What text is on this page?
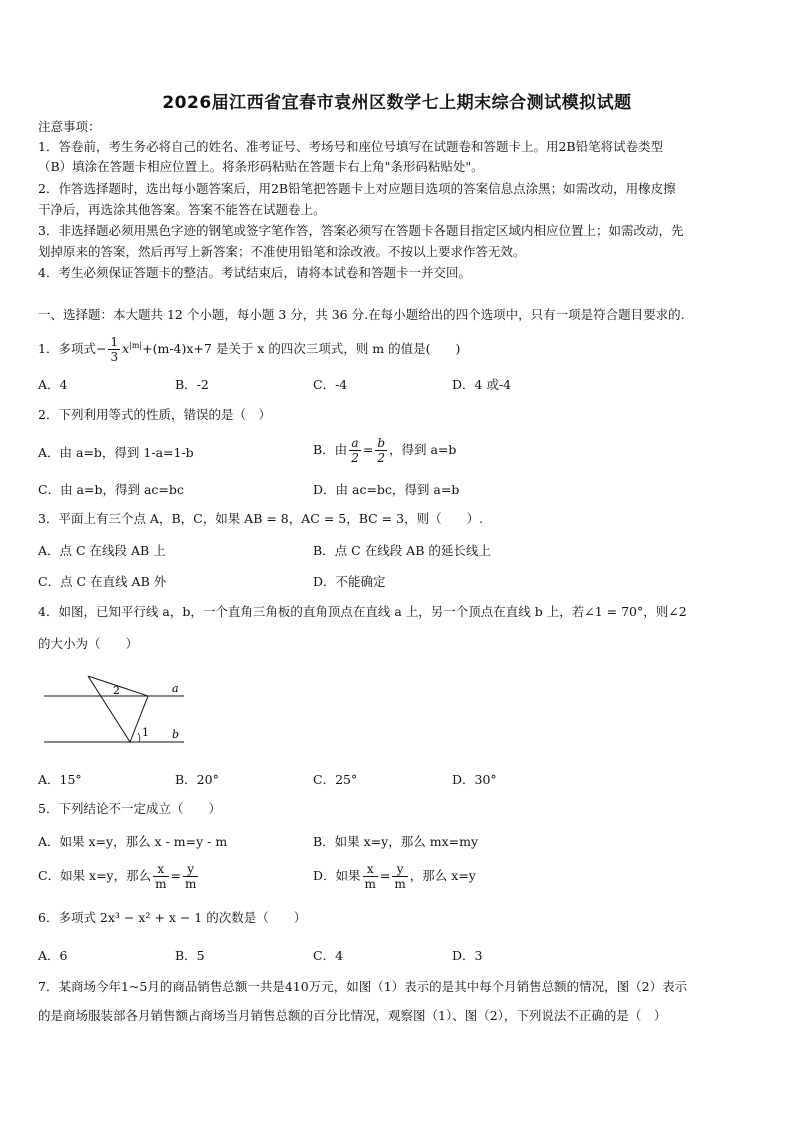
2026届江西省宜春市袁州区数学七上期末综合测试模拟试题
注意事项：
1．答卷前，考生务必将自己的姓名、准考证号、考场号和座位号填写在试题卷和答题卡上。用2B铅笔将试卷类型
（B）填涂在答题卡相应位置上。将条形码粘贴在答题卡右上角"条形码粘贴处"。
2．作答选择题时，选出每小题答案后，用2B铅笔把答题卡上对应题目选项的答案信息点涂黑；如需改动，用橡皮擦
干净后，再选涂其他答案。答案不能答在试题卷上。
3．非选择题必须用黑色字迹的钢笔或签字笔作答，答案必须写在答题卡各题目指定区域内相应位置上；如需改动，先
划掉原来的答案，然后再写上新答案；不准使用铅笔和涂改液。不按以上要求作答无效。
4．考生必须保证答题卡的整洁。考试结束后，请将本试卷和答题卡一并交回。
一、选择题：本大题共 12 个小题，每小题 3 分，共 36 分.在每小题给出的四个选项中，只有一项是符合题目要求的.
1．多项式− $\frac{1}{3} x^{|m|}+(m-4)x+7$ 是关于 x 的四次三项式，则 m 的值是(　　)
A．4	B．-2	C．-4	D．4 或-4
2．下列利用等式的性质，错误的是（　）
A．由 a=b，得到 1-a=1-b	B．由 $\frac{a}{2} = \frac{b}{2}$ ，得到 a=b
C．由 a=b，得到 ac=bc	D．由 ac=bc，得到 a=b
3．平面上有三个点 A，B，C，如果 AB = 8，AC = 5，BC = 3，则（　　）.
A．点 C 在线段 AB 上	B．点 C 在线段 AB 的延长线上
C．点 C 在直线 AB 外	D．不能确定
4．如图，已知平行线 a，b，一个直角三角板的直角顶点在直线 a 上，另一个顶点在直线 b 上，若∠1 = 70°，则∠2
的大小为（　　）
2
1
a
b
A．15°	B．20°	C．25°	D．30°
5．下列结论不一定成立（　　）
A．如果 x=y，那么 x - m=y - m	B．如果 x=y，那么 mx=my
C．如果 x=y，那么 $\frac{x}{m} = \frac{y}{m}$	D．如果 $\frac{x}{m} = \frac{y}{m}$ ，那么 x=y
6．多项式 2x³ − x² + x − 1 的次数是（　　）
A．6	B．5	C．4	D．3
7．某商场今年1~5月的商品销售总额一共是410万元，如图（1）表示的是其中每个月销售总额的情况，图（2）表示
的是商场服装部各月销售额占商场当月销售总额的百分比情况，观察图（1）、图（2），下列说法不正确的是（　）
